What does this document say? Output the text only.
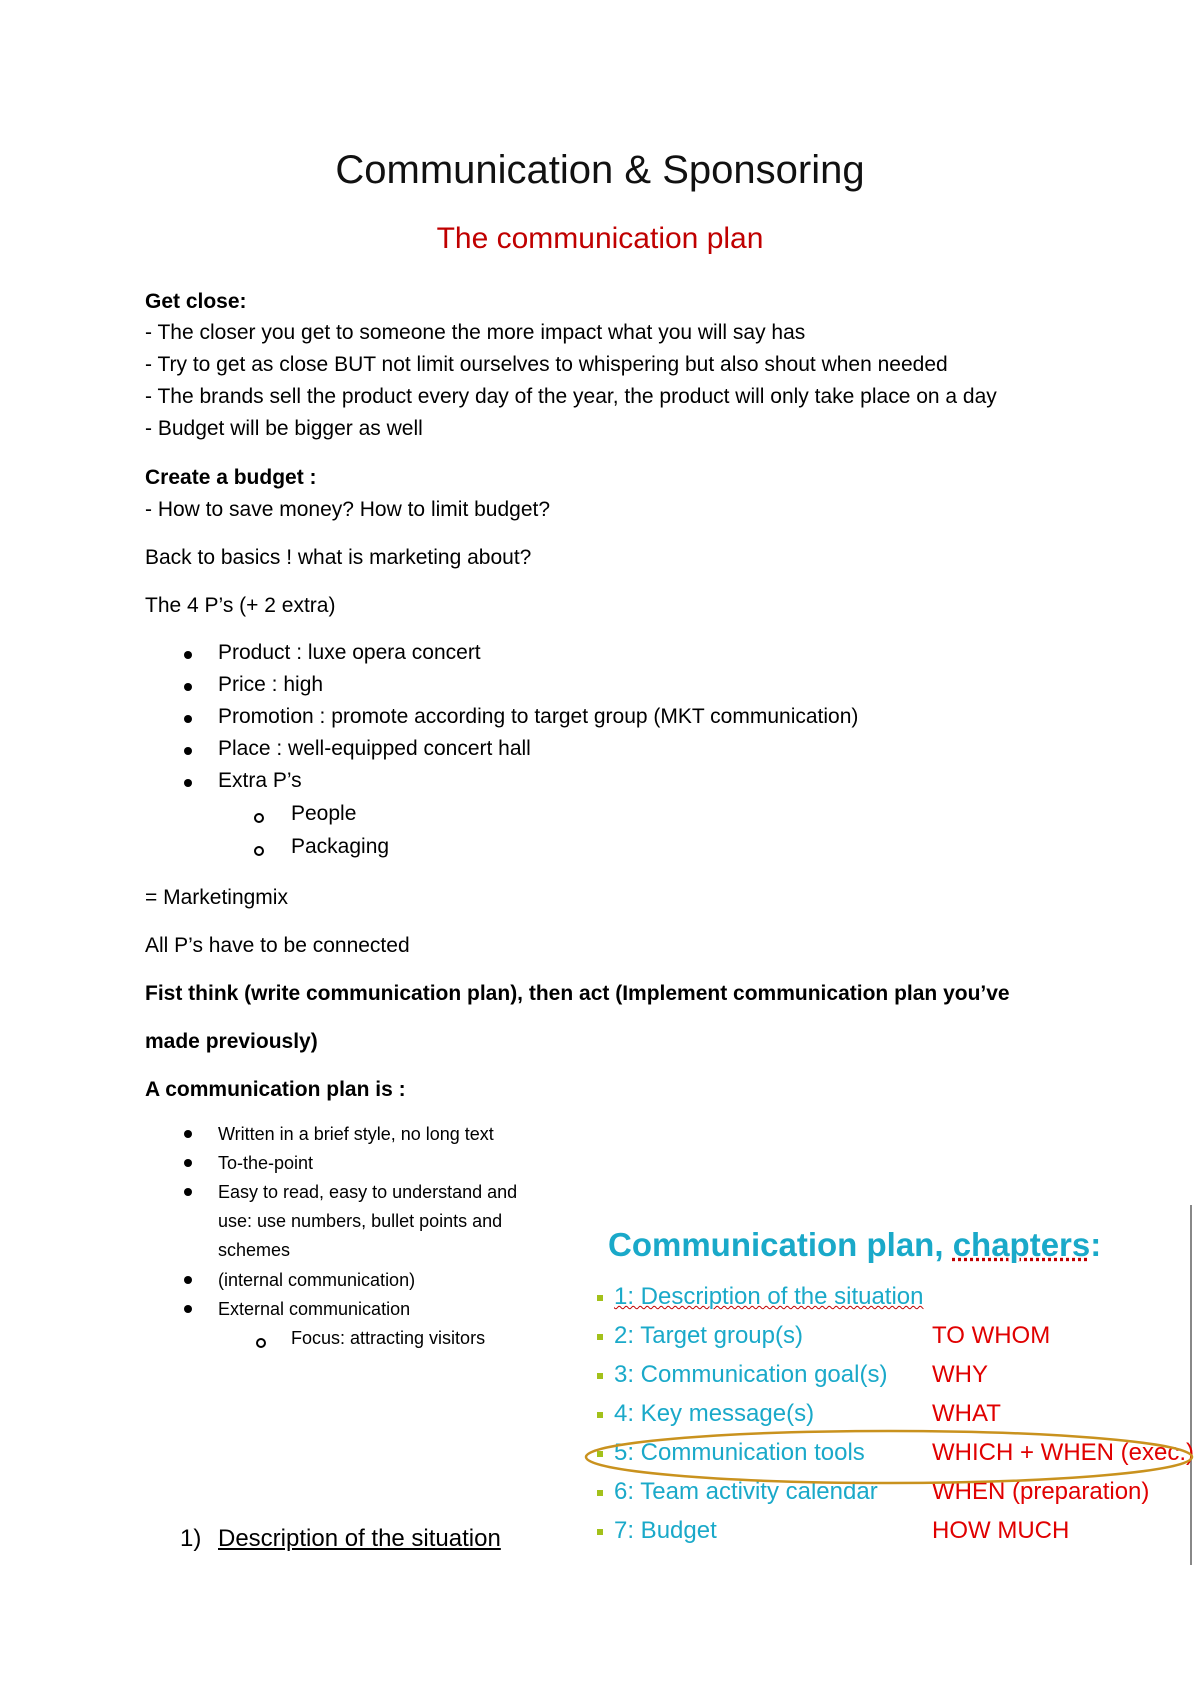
Communication & Sponsoring
The communication plan
Get close:
- The closer you get to someone the more impact what you will say has
- Try to get as close BUT not limit ourselves to whispering but also shout when needed
- The brands sell the product every day of the year, the product will only take place on a day
- Budget will be bigger as well
Create a budget :
- How to save money? How to limit budget?
Back to basics ! what is marketing about?
The 4 P’s (+ 2 extra)
Product : luxe opera concert
Price : high
Promotion : promote according to target group (MKT communication)
Place : well-equipped concert hall
Extra P’s
People
Packaging
= Marketingmix
All P’s have to be connected
Fist think (write communication plan), then act (Implement communication plan you’ve
made previously)
A communication plan is :
Written in a brief style, no long text
To-the-point
Easy to read, easy to understand and
use: use numbers, bullet points and
schemes
(internal communication)
External communication
Focus: attracting visitors
1) Description of the situation
Communication plan, chapters:
1: Description of the situation
2: Target group(s)	TO WHOM
3: Communication goal(s) WHY
4: Key message(s)	WHAT
5: Communication tools	WHICH + WHEN (exec.)
6: Team activity calendar WHEN (preparation)
7: Budget	HOW MUCH
